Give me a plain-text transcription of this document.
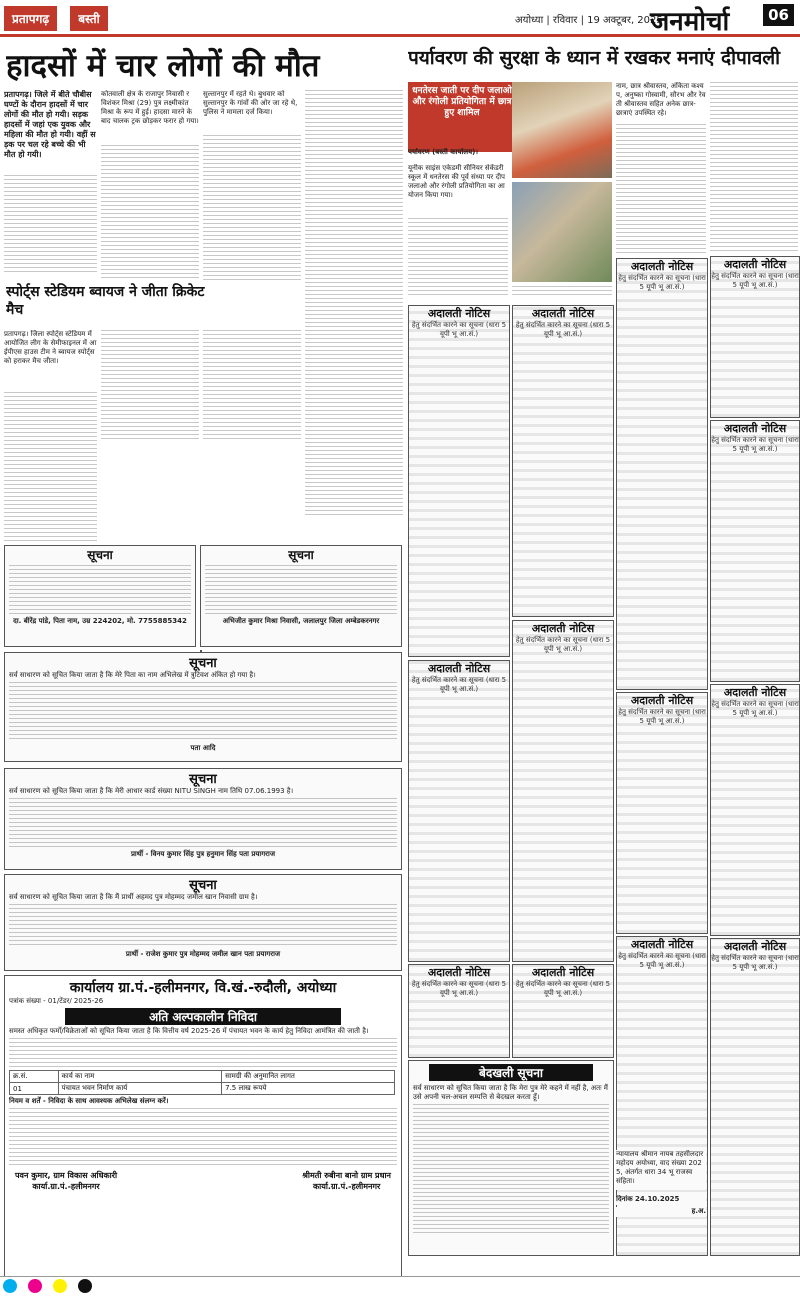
प्रतापगढ़ बस्ती	अयोध्या | रविवार | 19 अक्टूबर, 2025
जनमोर्चा	06
हादसों में चार लोगों की मौत
प्रतापगढ़। जिले में बीते चौबीस घण्टों के दौरान हादसों में चार लोगों की मौत हो गयी। सड़क हादसों में जहां एक युवक और महिला की मौत हो गयी। वहीं सड़क पर चल रहे बच्चे की भी मौत हो गयी।
कोतवाली क्षेत्र के राजापुर निवासी रविशंकर मिश्रा (29) पुत्र लक्ष्मीकांत मिश्रा के रूप में हुई। हादसा मारने के बाद चालक ट्रक छोड़कर फरार हो गया।
सुल्तानपुर में रहते थे। बुधवार को सुल्तानपुर के गांवों की ओर जा रहे थे, पुलिस ने मामला दर्ज किया।
स्पोर्ट्स स्टेडियम ब्वायज ने जीता क्रिकेट मैच
प्रतापगढ़। जिला स्पोर्ट्स स्टेडियम में आयोजित लीग के सेमीफाइनल में आईपीएस हाउस टीम ने ब्वायज स्पोर्ट्स को हराकर मैच जीता।
सूचना
दा. बीरेंद्र पांडे, पिता नाम, उम्र 224202, मो. 7755885342
सूचना
अभिजीत कुमार मिश्रा निवासी, जलालपुर जिला अम्बेडकरनगर
सूचना
सर्व साधारण को सूचित किया जाता है कि मेरे पिता का नाम अभिलेख में त्रुटिवश अंकित हो गया है।
पता आदि
सूचना
सर्व साधारण को सूचित किया जाता है कि मेरी आधार कार्ड संख्या NITU SINGH नाम तिथि 07.06.1993 है।
प्रार्थी - विनय कुमार सिंह पुत्र हनुमान सिंह पता प्रयागराज
सूचना
सर्व साधारण को सूचित किया जाता है कि मैं प्रार्थी अहमद पुत्र मोहम्मद जमील खान निवासी ग्राम है।
प्रार्थी - राजेश कुमार पुत्र मोहम्मद जमील खान पता प्रयागराज
कार्यालय ग्रा.पं.-हलीमनगर, वि.खं.-रुदौली, अयोध्या
पत्रांक संख्या - 01/टेंडर/ 2025-26
अति अल्पकालीन निविदा
समस्त अधिकृत फर्मों/विक्रेताओं को सूचित किया जाता है कि वित्तीय वर्ष 2025-26 में पंचायत भवन के कार्य हेतु निविदा आमंत्रित की जाती है।
क्र.सं.	कार्य का नाम	सामग्री की अनुमानित लागत
01	पंचायत भवन निर्माण कार्य	7.5 लाख रूपये
नियम व शर्तें - निविदा के साथ आवश्यक अभिलेख संलग्न करें।
पवन कुमार, ग्राम विकास अधिकारी
कार्या.ग्रा.पं.-हलीमनगर
श्रीमती रुबीना बानो ग्राम प्रधान
कार्या.ग्रा.पं.-हलीमनगर
पर्यावरण की सुरक्षा के ध्यान में रखकर मनाएं दीपावली
धनतेरस जाती पर दीप जलाओ और रंगोली प्रतियोगिता में छात्र हुए शामिल
पर्यावरण (बस्ती कार्यालय)।
यूनीक साइंस एकेडमी सीनियर सेकेंडरी स्कूल में धनतेरस की पूर्व संध्या पर दीप जलाओ और रंगोली प्रतियोगिता का आयोजन किया गया।
नाम, छात्र श्रीवास्तव, अंकिता कश्यप, अनुष्का गोस्वामी, सौरभ और रेवती श्रीवास्तव सहित अनेक छात्र-छात्राएं उपस्थित रहे।
अदालती नोटिस
हेतु संदर्भित कारने का सूचना (धारा 5 यूपी भू आ.सं.)
अदालती नोटिस
हेतु संदर्भित कारने का सूचना (धारा 5 यूपी भू आ.सं.)
अदालती नोटिस
हेतु संदर्भित कारने का सूचना (धारा 5 यूपी भू आ.सं.)
अदालती नोटिस
हेतु संदर्भित कारने का सूचना (धारा 5 यूपी भू आ.सं.)
अदालती नोटिस
हेतु संदर्भित कारने का सूचना (धारा 5 यूपी भू आ.सं.)
अदालती नोटिस
हेतु संदर्भित कारने का सूचना (धारा 5 यूपी भू आ.सं.)
अदालती नोटिस
हेतु संदर्भित कारने का सूचना (धारा 5 यूपी भू आ.सं.)
अदालती नोटिस
हेतु संदर्भित कारने का सूचना (धारा 5 यूपी भू आ.सं.)
अदालती नोटिस
हेतु संदर्भित कारने का सूचना (धारा 5 यूपी भू आ.सं.)
अदालती नोटिस
हेतु संदर्भित कारने का सूचना (धारा 5 यूपी भू आ.सं.)
अदालती नोटिस
हेतु संदर्भित कारने का सूचना (धारा 5 यूपी भू आ.सं.)
अदालती नोटिस
हेतु संदर्भित कारने का सूचना (धारा 5 यूपी भू आ.सं.)
अदालती नोटिस
हेतु संदर्भित कारने का सूचना (धारा 5 यूपी भू आ.सं.)
बेदखली सूचना
सर्व साधारण को सूचित किया जाता है कि मेरा पुत्र मेरे कहने में नहीं है, अतः मैं उसे अपनी चल-अचल सम्पत्ति से बेदखल करता हूँ।
न्यायालय श्रीमान नायब तहसीलदार महोदय अयोध्या, वाद संख्या 2025, अंतर्गत धारा 34 भू राजस्व संहिता।
दिनांक 24.10.2025
ह.अ.
